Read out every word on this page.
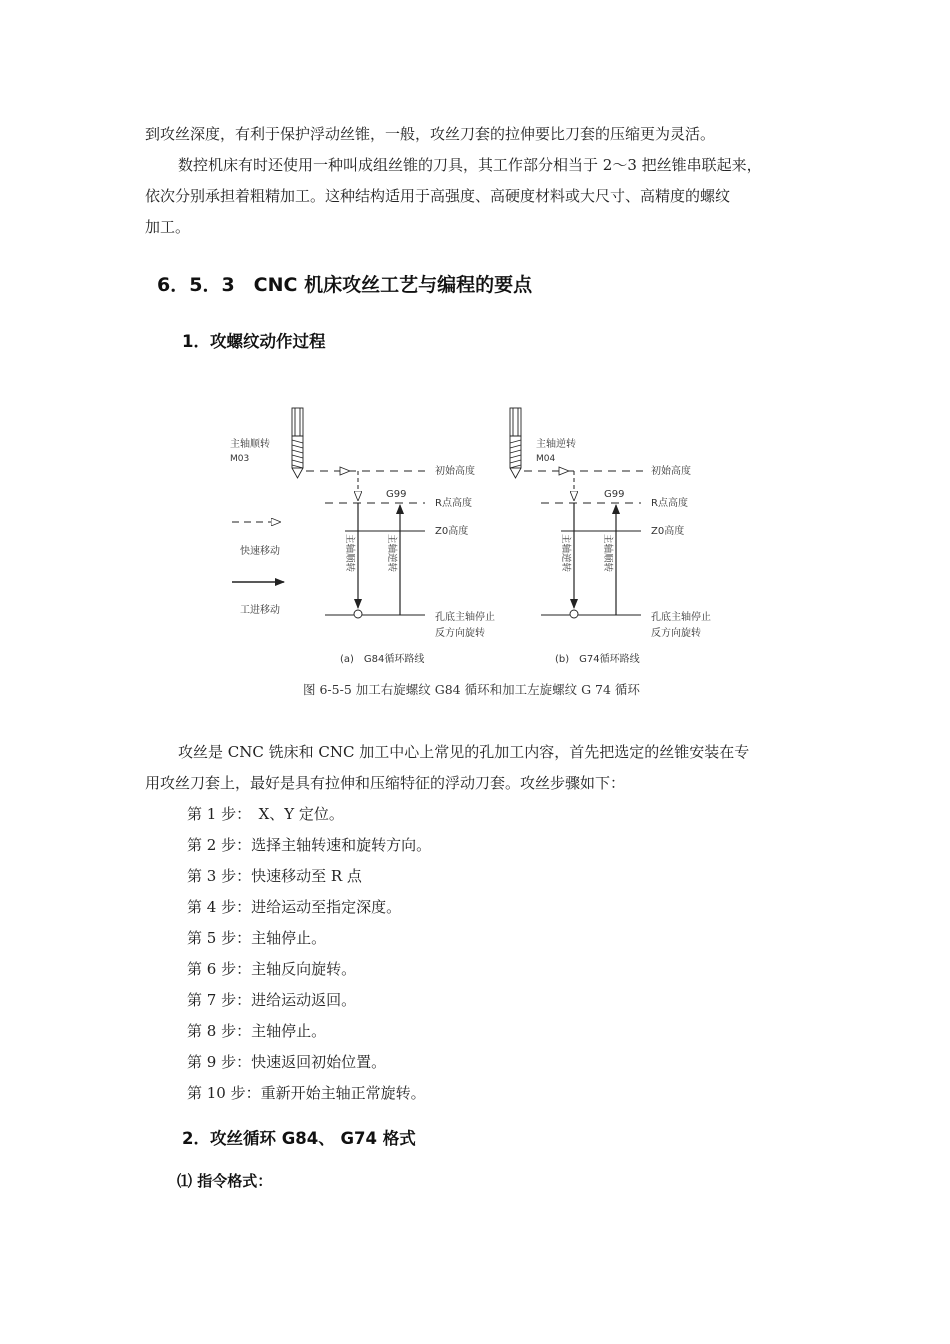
到攻丝深度，有利于保护浮动丝锥，一般，攻丝刀套的拉伸要比刀套的压缩更为灵活。
数控机床有时还使用一种叫成组丝锥的刀具，其工作部分相当于 2～3 把丝锥串联起来，
依次分别承担着粗精加工。这种结构适用于高强度、高硬度材料或大尺寸、高精度的螺纹
加工。
6．5．3　CNC 机床攻丝工艺与编程的要点
1．攻螺纹动作过程
主轴顺转
M03
G99
主轴顺转	主轴逆转
初始高度
R点高度
Z0高度
孔底主轴停止
反方向旋转
(a)　G84循环路线
快速移动
工进移动
主轴逆转
M04
G99
主轴逆转	主轴顺转
初始高度
R点高度
Z0高度
孔底主轴停止
反方向旋转
(b)　G74循环路线
图 6-5-5 加工右旋螺纹 G84 循环和加工左旋螺纹 G 74 循环
攻丝是 CNC 铣床和 CNC 加工中心上常见的孔加工内容，首先把选定的丝锥安装在专
用攻丝刀套上，最好是具有拉伸和压缩特征的浮动刀套。攻丝步骤如下：
第 1 步：　X、Y 定位。
第 2 步：选择主轴转速和旋转方向。
第 3 步：快速移动至 R 点
第 4 步：进给运动至指定深度。
第 5 步：主轴停止。
第 6 步：主轴反向旋转。
第 7 步：进给运动返回。
第 8 步：主轴停止。
第 9 步：快速返回初始位置。
第 10 步：重新开始主轴正常旋转。
2．攻丝循环 G84、 G74 格式
⑴ 指令格式：
